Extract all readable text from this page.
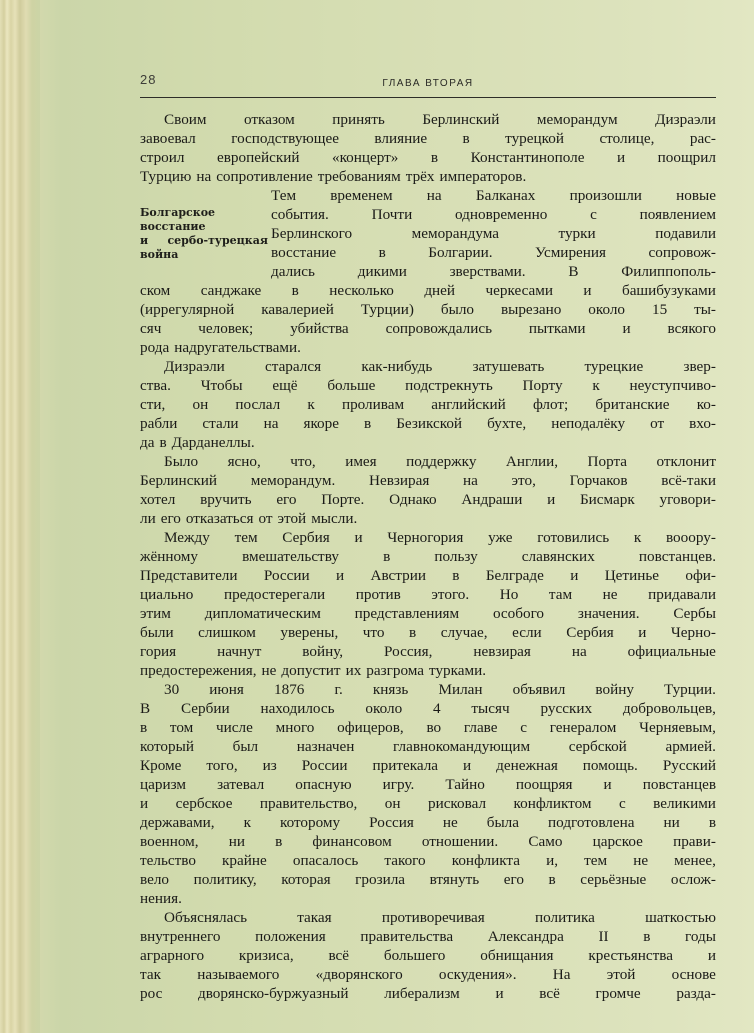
28	ГЛАВА ВТОРАЯ
Своим отказом принять Берлинский меморандум Дизраэли
завоевал господствующее влияние в турецкой столице, рас-
строил европейский «концерт» в Константинополе и поощрил
Турцию на сопротивление требованиям трёх императоров.
Болгарское
восстание
и сербо-турецкая
война
Тем временем на Балканах произошли новые
события.	Почти	одновременно	с	появлением
Берлинского	меморандума	турки	подавили
восстание	в	Болгарии.	Усмирения	сопровож-
дались	дикими	зверствами.	В	Филиппополь-
ском санджаке в несколько дней черкесами и башибузуками
(иррегулярной кавалерией Турции) было вырезано около 15 ты-
сяч человек; убийства сопровождались пытками и всякого
рода надругательствами.
Дизраэли	старался	как-нибудь	затушевать	турецкие	звер-
ства. Чтобы ещё больше подстрекнуть Порту к неуступчиво-
сти, он послал к проливам английский флот; британские ко-
рабли стали на якоре в Безикской бухте, неподалёку от вхо-
да в Дарданеллы.
Было ясно, что, имея поддержку Англии, Порта отклонит
Берлинский меморандум. Невзирая на это, Горчаков всё-таки
хотел вручить его Порте. Однако Андраши и Бисмарк уговори-
ли его отказаться от этой мысли.
Между тем Сербия и Черногория уже готовились к вооору-
жённому	вмешательству	в	пользу	славянских	повстанцев.
Представители России и Австрии в Белграде и Цетинье офи-
циально предостерегали против этого. Но там не придавали
этим дипломатическим представлениям особого значения. Сербы
были слишком уверены, что в случае, если Сербия и Черно-
гория	начнут	войну,	Россия,	невзирая	на	официальные
предостережения, не допустит их разгрома турками.
30 июня 1876 г. князь Милан объявил войну Турции.
В Сербии находилось около 4 тысяч русских добровольцев,
в том числе много офицеров, во главе с генералом Черняевым,
который	был	назначен	главнокомандующим	сербской	армией.
Кроме того, из России притекала и денежная помощь. Русский
царизм затевал опасную игру. Тайно поощряя и повстанцев
и сербское правительство, он рисковал конфликтом с великими
державами, к которому Россия не была подготовлена ни в
военном, ни в финансовом отношении. Само царское прави-
тельство крайне опасалось такого конфликта и, тем не менее,
вело политику, которая грозила втянуть его в серьёзные ослож-
нения.
Объяснялась	такая	противоречивая	политика	шаткостью
внутреннего положения правительства Александра II в годы
аграрного кризиса, всё большего обнищания крестьянства и
так называемого «дворянского оскудения». На этой основе
рос дворянско-буржуазный либерализм и всё громче разда-
